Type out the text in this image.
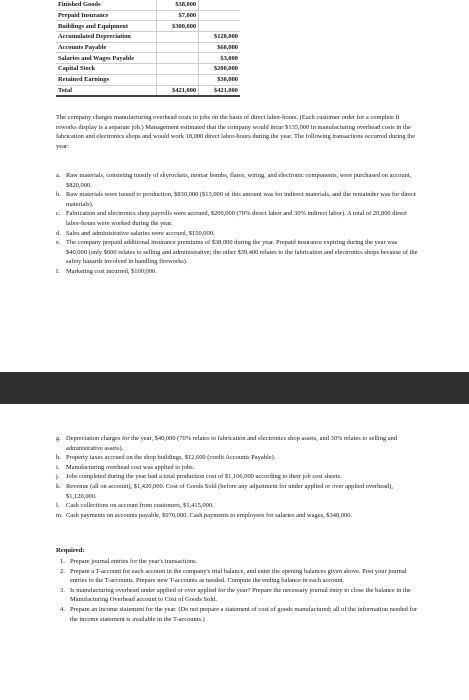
Finished Goods	$38,000	
Prepaid Insurance	$7,000	
Buildings and Equipment	$300,000	
Accumulated Depreciation		$128,000
Accounts Payable		$60,000
Salaries and Wages Payable		$3,000
Capital Stock		$200,000
Retained Earnings		$30,000
Total	$421,000	$421,000

The company charges manufacturing overhead costs to jobs on the basis of direct labor-hours. (Each customer order for a complete fi reworks display is a separate job.) Management estimated that the company would incur $135,000 in manufacturing overhead costs in the fabrication and electronics shops and would work 18,000 direct labor-hours during the year. The following transactions occurred during the year:

a. Raw materials, consisting mostly of skyrockets, mortar bombs, flares, wiring, and electronic components, were purchased on account, $820,000.
b. Raw materials were issued to production, $830,000 ($13,000 of this amount was for indirect materials, and the remainder was for direct materials).
c. Fabrication and electronics shop payrolls were accrued, $200,000 (70% direct labor and 30% indirect labor). A total of 20,800 direct labor-hours were worked during the year.
d. Sales and administrative salaries were accrued, $150,000.
e. The company prepaid additional insurance premiums of $38,000 during the year. Prepaid insurance expiring during the year was $40,000 (only $600 relates to selling and administrative; the other $39,400 relates to the fabrication and electronics shops because of the safety hazards involved in handling fireworks).
f. Marketing cost incurred, $100,000.
g. Depreciation charges for the year, $40,000 (70% relates to fabrication and electronics shop assets, and 30% relates to selling and administrative assets).
h. Property taxes accrued on the shop buildings, $12,600 (credit Accounts Payable).
i. Manufacturing overhead cost was applied to jobs.
j. Jobs completed during the year had a total production cost of $1,106,000 according to their job cost sheets.
k. Revenue (all on account), $1,420,000. Cost of Goods Sold (before any adjustment for under applied or over applied overhead), $1,120,000.
l. Cash collections on account from customers, $1,415,000.
m. Cash payments on accounts payable, $970,000. Cash payments to employees for salaries and wages, $348,000.

Required:

1. Prepare journal entries for the year's transactions.
2. Prepare a T-account for each account in the company's trial balance, and enter the opening balances given above. Post your journal entries to the T-accounts. Prepare new T-accounts as needed. Compute the ending balance in each account.
3. Is manufacturing overhead under applied or over applied for the year? Prepare the necessary journal entry to close the balance in the Manufacturing Overhead account to Cost of Goods Sold.
4. Prepare an income statement for the year. (Do not prepare a statement of cost of goods manufactured; all of the information needed for the income statement is available in the T-accounts.)
